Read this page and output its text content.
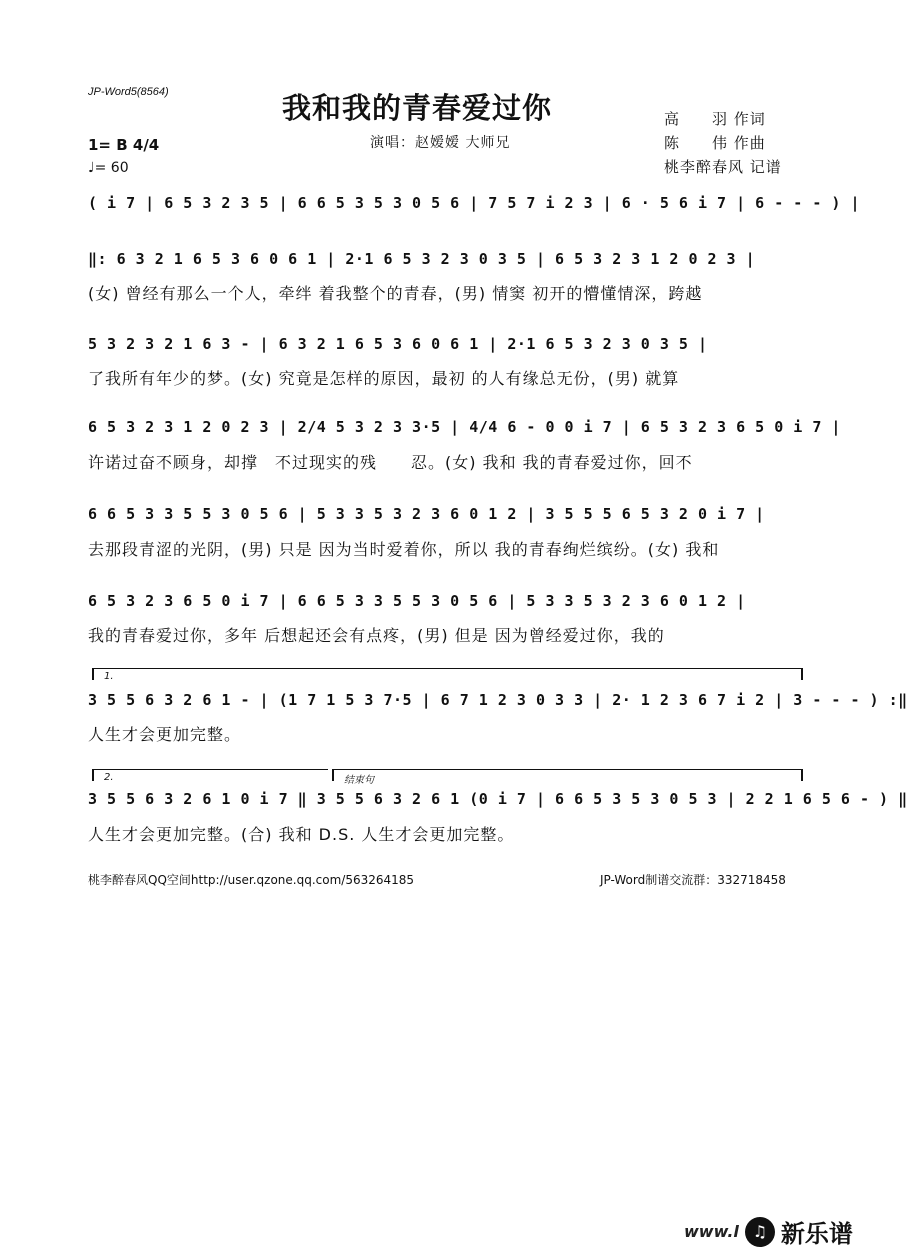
JP-Word5(8564)	我和我的青春爱过你
演唱：赵嫒嫒 大师兄
高　　羽 作词
陈　　伟 作曲
桃李醉春风 记谱
1= B 4/4
♩= 60
( i 7 | 6 5 3 2 3 5 | 6 6 5 3 5 3 0 5 6 | 7 5 7 i 2 3 | 6 · 5 6 i 7 | 6 - - - ) |
‖: 6 3 2 1 6 5 3 6 0 6 1 | 2·1 6 5 3 2 3 0 3 5 | 6 5 3 2 3 1 2 0 2 3 |
(女) 曾经有那么一个人，牵绊 着我整个的青春，(男) 情窦 初开的懵懂情深，跨越
5 3 2 3 2 1 6 3 - | 6 3 2 1 6 5 3 6 0 6 1 | 2·1 6 5 3 2 3 0 3 5 |
了我所有年少的梦。(女) 究竟是怎样的原因，最初 的人有缘总无份，(男) 就算
6 5 3 2 3 1 2 0 2 3 | 2/4 5 3 2 3 3·5 | 4/4 6 - 0 0 i 7 | 6 5 3 2 3 6 5 0 i 7 |
许诺过奋不顾身，却撑　不过现实的残　　忍。(女) 我和 我的青春爱过你，回不
6 6 5 3 3 5 5 3 0 5 6 | 5 3 3 5 3 2 3 6 0 1 2 | 3 5 5 5 6 5 3 2 0 i 7 |
去那段青涩的光阴，(男) 只是 因为当时爱着你，所以 我的青春绚烂缤纷。(女) 我和
6 5 3 2 3 6 5 0 i 7 | 6 6 5 3 3 5 5 3 0 5 6 | 5 3 3 5 3 2 3 6 0 1 2 |
我的青春爱过你，多年 后想起还会有点疼，(男) 但是 因为曾经爱过你，我的
1.
3 5 5 6 3 2 6 1 - | (1 7 1 5 3 7·5 | 6 7 1 2 3 0 3 3 | 2· 1 2 3 6 7 i 2 | 3 - - - ) :‖
人生才会更加完整。
2.	结束句
3 5 5 6 3 2 6 1 0 i 7 ‖ 3 5 5 6 3 2 6 1 (0 i 7 | 6 6 5 3 5 3 0 5 3 | 2 2 1 6 5 6 - ) ‖
人生才会更加完整。(合) 我和 D.S. 人生才会更加完整。
桃李醉春风QQ空间http://user.qzone.qq.com/563264185	JP-Word制谱交流群：332718458
www.l ♫ 新乐谱
